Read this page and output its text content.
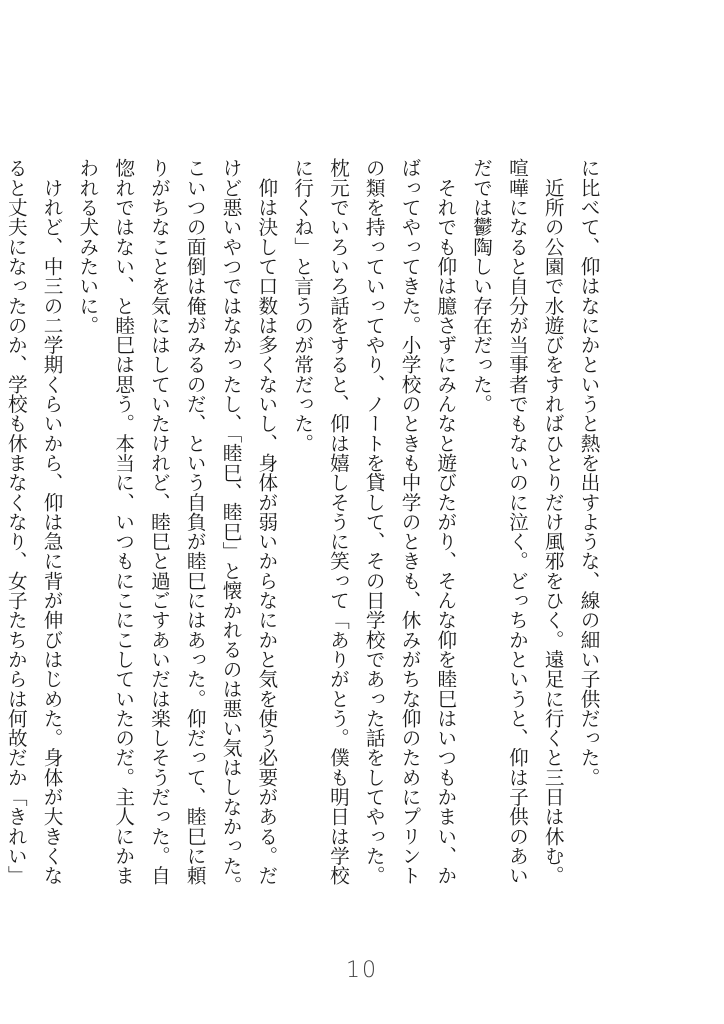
に比べて、仰はなにかというと熱を出すような、線の細い子供だった。

　近所の公園で水遊びをすればひとりだけ風邪をひく。遠足に行くと三日は休む。喧嘩になると自分が当事者でもないのに泣く。どっちかというと、仰は子供のあいだでは鬱陶しい存在だった。

　それでも仰は臆さずにみんなと遊びたがり、そんな仰を睦巳はいつもかまい、かばってやってきた。小学校のときも中学のときも、休みがちな仰のためにプリントの類を持っていってやり、ノートを貸して、その日学校であった話をしてやった。枕元でいろいろ話をすると、仰は嬉しそうに笑って「ありがとう。僕も明日は学校に行くね」と言うのが常だった。

　仰は決して口数は多くないし、身体が弱いからなにかと気を使う必要がある。だけど悪いやつではなかったし、「睦巳、睦巳」と懐かれるのは悪い気はしなかった。こいつの面倒は俺がみるのだ、という自負が睦巳にはあった。仰だって、睦巳に頼りがちなことを気にはしていたけれど、睦巳と過ごすあいだは楽しそうだった。自惚れではない、と睦巳は思う。本当に、いつもにこにこしていたのだ。主人にかまわれる犬みたいに。

　けれど、中三の二学期くらいから、仰は急に背が伸びはじめた。身体が大きくなると丈夫になったのか、学校も休まなくなり、女子たちからは何故だか「きれい」

10
